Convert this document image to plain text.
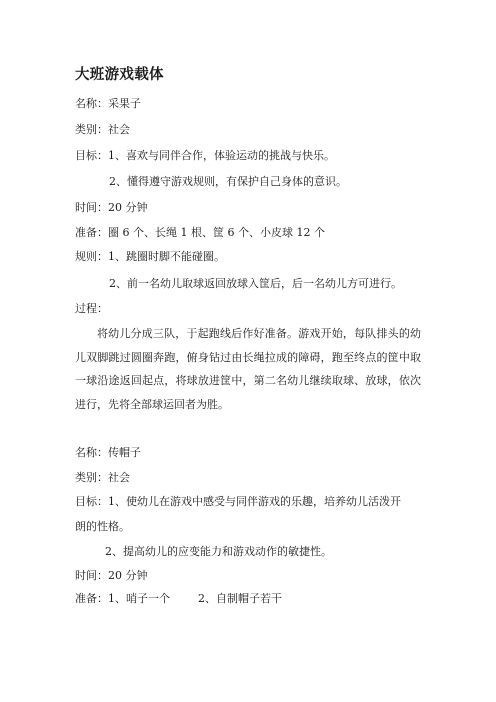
大班游戏载体
名称：采果子
类别：社会
目标：1、喜欢与同伴合作，体验运动的挑战与快乐。
2、懂得遵守游戏规则，有保护自己身体的意识。
时间：20 分钟
准备：圈 6 个、长绳 1 根、筐 6 个、小皮球 12 个
规则：1、跳圈时脚不能碰圈。
2、前一名幼儿取球返回放球入筐后，后一名幼儿方可进行。
过程：
将幼儿分成三队，于起跑线后作好准备。游戏开始，每队排头的幼儿双脚跳过圆圈奔跑，俯身钻过由长绳拉成的障碍，跑至终点的筐中取一球沿途返回起点，将球放进筐中，第二名幼儿继续取球、放球，依次进行，先将全部球运回者为胜。
名称：传帽子
类别：社会
目标：1、使幼儿在游戏中感受与同伴游戏的乐趣，培养幼儿活泼开
朗的性格。
2、提高幼儿的应变能力和游戏动作的敏捷性。
时间：20 分钟
准备：1、哨子一个        2、自制帽子若干
